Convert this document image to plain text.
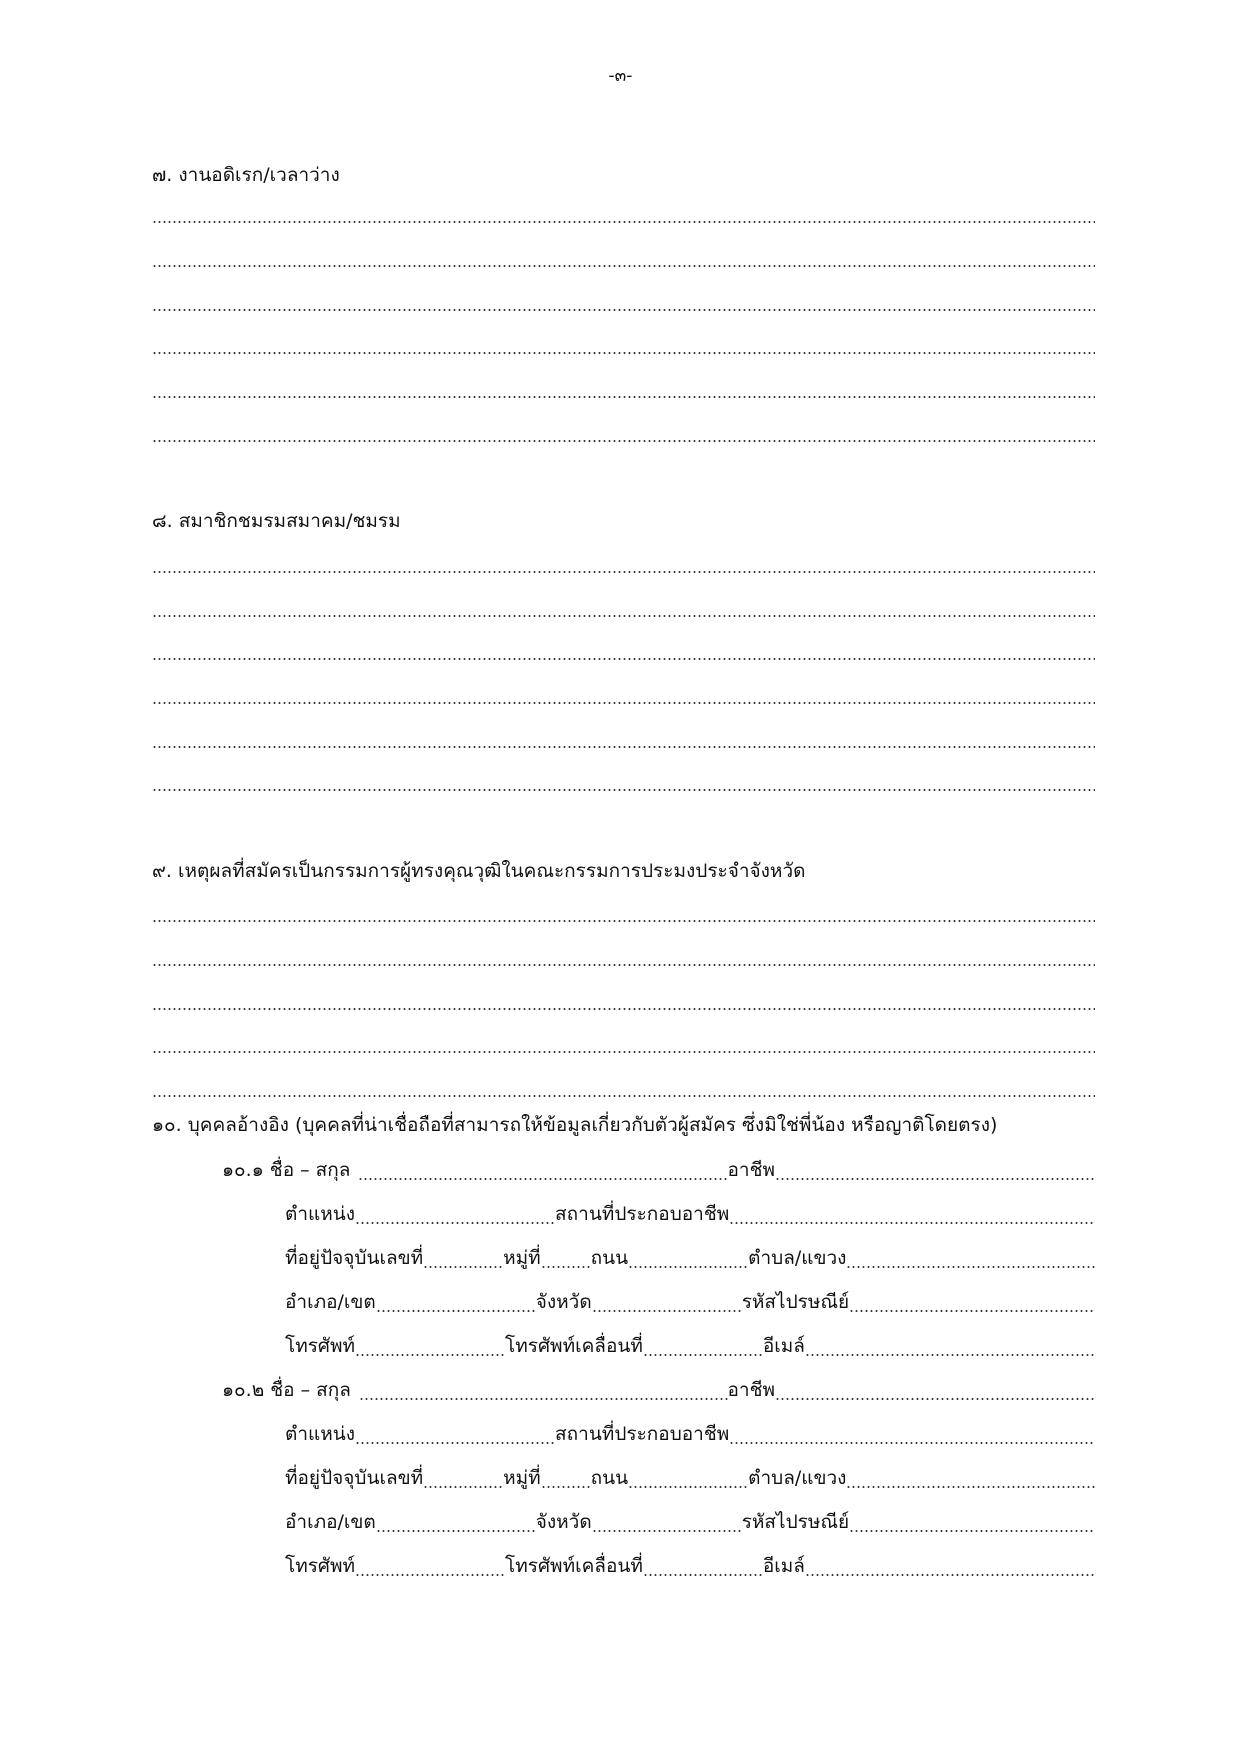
-๓-
๗. งานอดิเรก/เวลาว่าง
๘. สมาชิกชมรมสมาคม/ชมรม
๙. เหตุผลที่สมัครเป็นกรรมการผู้ทรงคุณวุฒิในคณะกรรมการประมงประจำจังหวัด
๑๐. บุคคลอ้างอิง (บุคคลที่น่าเชื่อถือที่สามารถให้ข้อมูลเกี่ยวกับตัวผู้สมัคร ซึ่งมิใช่พี่น้อง หรือญาติโดยตรง)
๑๐.๑ ชื่อ – สกุล	อาชีพ
ตำแหน่ง	สถานที่ประกอบอาชีพ
ที่อยู่ปัจจุบันเลขที่	หมู่ที่	ถนน	ตำบล/แขวง
อำเภอ/เขต	จังหวัด	รหัสไปรษณีย์
โทรศัพท์	โทรศัพท์เคลื่อนที่	อีเมล์
๑๐.๒ ชื่อ – สกุล	อาชีพ
ตำแหน่ง	สถานที่ประกอบอาชีพ
ที่อยู่ปัจจุบันเลขที่	หมู่ที่	ถนน	ตำบล/แขวง
อำเภอ/เขต	จังหวัด	รหัสไปรษณีย์
โทรศัพท์	โทรศัพท์เคลื่อนที่	อีเมล์
